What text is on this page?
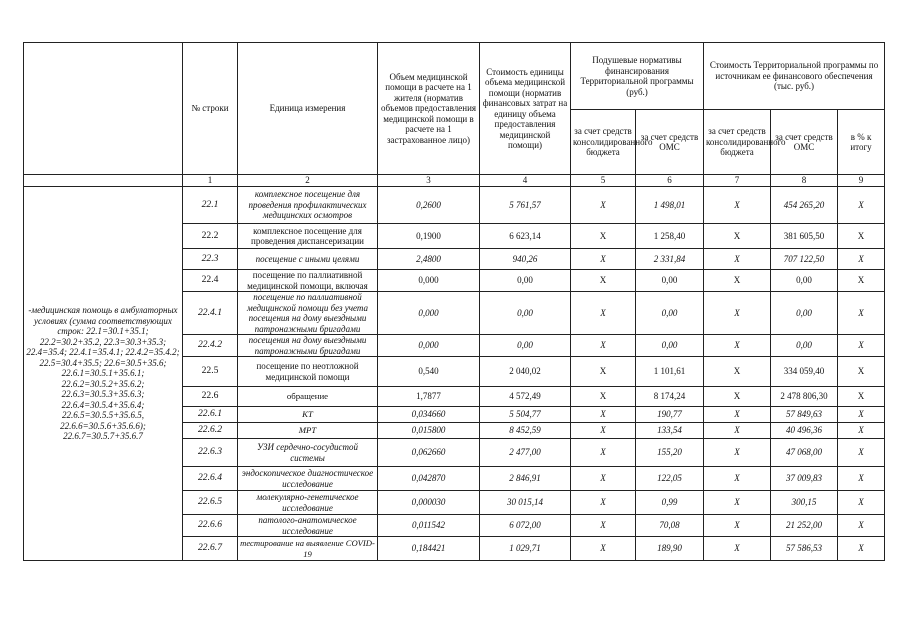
	№ строки	Единица измерения	Объем медицинской помощи в расчете на 1 жителя (норматив объемов предоставления медицинской помощи в расчете на 1 застрахованное лицо)	Стоимость единицы объема медицинской помощи (норматив финансовых затрат на единицу объема предоставления медицинской помощи)	Подушевые нормативы финансирования Территориальной программы (руб.)		Стоимость Территориальной программы по источникам ее финансового обеспечения (тыс. руб.)		
					за счет средств консолидированного бюджета	за счет средств ОМС	за счет средств консолидированного бюджета	за счет средств ОМС	в % к итогу
	1	2	3	4	5	6	7	8	9
-медицинская помощь в амбулаторных условиях (сумма соответствующих строк: 22.1=30.1+35.1; 22.2=30.2+35.2, 22.3=30.3+35.3; 22.4=35.4; 22.4.1=35.4.1; 22.4.2=35.4.2; 22.5=30.4+35.5; 22.6=30.5+35.6; 22.6.1=30.5.1+35.6.1; 22.6.2=30.5.2+35.6.2; 22.6.3=30.5.3+35.6.3; 22.6.4=30.5.4+35.6.4; 22.6.5=30.5.5+35.6.5, 22.6.6=30.5.6+35.6.6); 22.6.7=30.5.7+35.6.7	22.1	комплексное посещение для проведения профилактических медицинских осмотров	0,2600	5 761,57	Х	1 498,01	Х	454 265,20	Х
	22.2	комплексное посещение для проведения диспансеризации	0,1900	6 623,14	Х	1 258,40	Х	381 605,50	Х
	22.3	посещение с иными целями	2,4800	940,26	Х	2 331,84	Х	707 122,50	Х
	22.4	посещение по паллиативной медицинской помощи, включая	0,000	0,00	Х	0,00	Х	0,00	Х
	22.4.1	посещение по паллиативной медицинской помощи без учета посещения на дому выездными патронажными бригадами	0,000	0,00	Х	0,00	Х	0,00	Х
	22.4.2	посещения на дому выездными патронажными бригадами	0,000	0,00	Х	0,00	Х	0,00	Х
	22.5	посещение по неотложной медицинской помощи	0,540	2 040,02	Х	1 101,61	Х	334 059,40	Х
	22.6	обращение	1,7877	4 572,49	Х	8 174,24	Х	2 478 806,30	Х
	22.6.1	КТ	0,034660	5 504,77	Х	190,77	Х	57 849,63	Х
	22.6.2	МРТ	0,015800	8 452,59	Х	133,54	Х	40 496,36	Х
	22.6.3	УЗИ сердечно-сосудистой системы	0,062660	2 477,00	Х	155,20	Х	47 068,00	Х
	22.6.4	эндоскопическое диагностическое исследование	0,042870	2 846,91	Х	122,05	Х	37 009,83	Х
	22.6.5	молекулярно-генетическое исследование	0,000030	30 015,14	Х	0,99	Х	300,15	Х
	22.6.6	патолого-анатомическое исследование	0,011542	6 072,00	Х	70,08	Х	21 252,00	Х
	22.6.7	тестирование на выявление COVID-19	0,184421	1 029,71	Х	189,90	Х	57 586,53	Х
